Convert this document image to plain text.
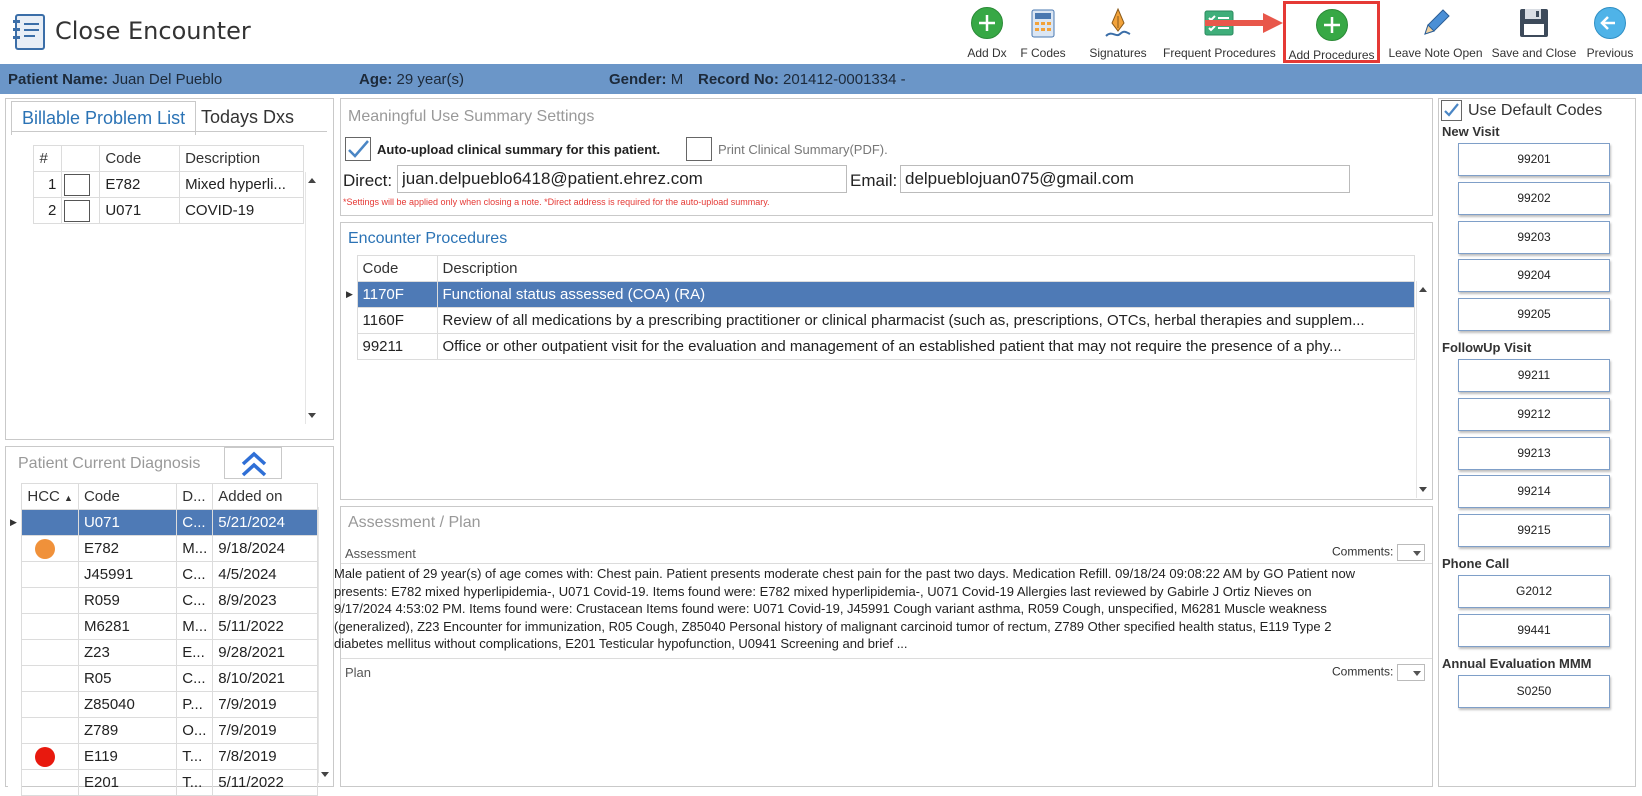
Close Encounter
Add Dx	F Codes	Signatures	Frequent Procedures Add Procedures Leave Note Open Save and Close Previous
Patient Name: Juan Del Pueblo	Age: 29 year(s)	Gender: M Record No: 201412-0001334 -
Billable Problem List Todays Dxs
	#		Code	Description
	1		E782	Mixed hyperli...
	2		U071	COVID-19
Patient Current Diagnosis
	HCC ▲	Code	D...	Added on
▶		U071	C...	5/21/2024
		E782	M...	9/18/2024
		J45991	C...	4/5/2024
		R059	C...	8/9/2023
		M6281	M...	5/11/2022
		Z23	E...	9/28/2021
		R05	C...	8/10/2021
		Z85040	P...	7/9/2019
		Z789	O...	7/9/2019
		E119	T...	7/8/2019
		E201	T...	5/11/2022
Meaningful Use Summary Settings
Auto-upload clinical summary for this patient.	Print Clinical Summary(PDF).
Direct:
juan.delpueblo6418@patient.ehrez.com	Email:
delpueblojuan075@gmail.com
*Settings will be applied only when closing a note. *Direct address is required for the auto-upload summary.
Encounter Procedures
	Code	Description
▶	1170F	Functional status assessed (COA) (RA)
	1160F	Review of all medications by a prescribing practitioner or clinical pharmacist (such as, prescriptions, OTCs, herbal therapies and supplem...
	99211	Office or other outpatient visit for the evaluation and management of an established patient that may not require the presence of a phy...
Assessment / Plan
Assessment	Comments:
Male patient of 29 year(s) of age comes with: Chest pain. Patient presents moderate chest pain for the past two days. Medication Refill. 09/18/24 09:08:22 AM by GO Patient now presents: E782 mixed hyperlipidemia-, U071 Covid-19. Items found were: E782 mixed hyperlipidemia-, U071 Covid-19 Allergies last reviewed by Gabirle J Ortiz Nieves on 9/17/2024 4:53:02 PM. Items found were: Crustacean Items found were: U071 Covid-19, J45991 Cough variant asthma, R059 Cough, unspecified, M6281 Muscle weakness (generalized), Z23 Encounter for immunization, R05 Cough, Z85040 Personal history of malignant carcinoid tumor of rectum, Z789 Other specified health status, E119 Type 2 diabetes mellitus without complications, E201 Testicular hypofunction, U0941 Screening and brief ...
Plan	Comments:
Use Default Codes
New Visit
99201
99202
99203
99204
99205
FollowUp Visit
99211
99212
99213
99214
99215
Phone Call
G2012
99441
Annual Evaluation MMM
S0250
